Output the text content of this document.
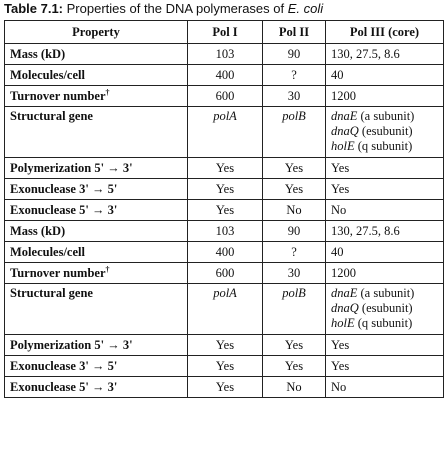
Table 7.1: Properties of the DNA polymerases of E. coli
Property	Pol I	Pol II	Pol III (core)
Mass (kD)	103	90	130, 27.5, 8.6
Molecules/cell	400	?	40
Turnover number†	600	30	1200
Structural gene	polA	polB	dnaE (a subunit)
dnaQ (esubunit)
holE (q subunit)

Polymerization 5' → 3'	Yes	Yes	Yes
Exonuclease 3' → 5'	Yes	Yes	Yes
Exonuclease 5' → 3'	Yes	No	No
Mass (kD)	103	90	130, 27.5, 8.6
Molecules/cell	400	?	40
Turnover number†	600	30	1200
Structural gene	polA	polB	dnaE (a subunit)
dnaQ (esubunit)
holE (q subunit)

Polymerization 5' → 3'	Yes	Yes	Yes
Exonuclease 3' → 5'	Yes	Yes	Yes
Exonuclease 5' → 3'	Yes	No	No
